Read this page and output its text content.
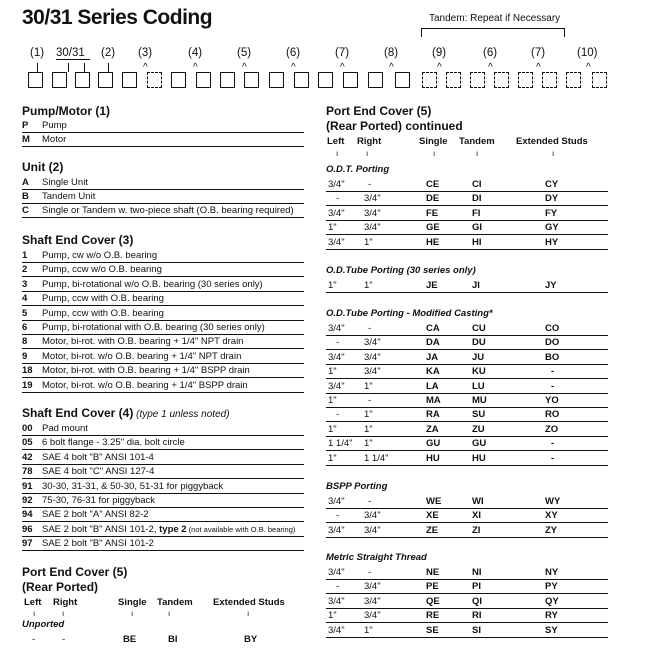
30/31 Series Coding	Tandem: Repeat if Necessary
(1) 30/31 (2) (3)	(4)	(5)	(6)	(7)	(8)	(9)	(6)	(7)	(10)
^	^	^	^	^	^	^	^	^	^
Pump/Motor (1)
P Pump
M Motor
Unit (2)
A Single Unit
B Tandem Unit
C Single or Tandem w. two-piece shaft (O.B. bearing required)
Shaft End Cover (3)
1 Pump, cw w/o O.B. bearing
2 Pump, ccw w/o O.B. bearing
3 Pump, bi-rotational w/o O.B. bearing (30 series only)
4 Pump, ccw with O.B. bearing
5 Pump, ccw with O.B. bearing
6 Pump, bi-rotational with O.B. bearing (30 series only)
8 Motor, bi-rot. with O.B. bearing + 1/4" NPT drain
9 Motor, bi-rot. w/o O.B. bearing + 1/4" NPT drain
18 Motor, bi-rot. with O.B. bearing + 1/4" BSPP drain
19 Motor, bi-rot. w/o O.B. bearing + 1/4" BSPP drain
Shaft End Cover (4) (type 1 unless noted)
00 Pad mount
05 6 bolt flange - 3.25" dia. bolt circle
42 SAE 4 bolt "B" ANSI 101-4
78 SAE 4 bolt "C" ANSI 127-4
91 30-30, 31-31, & 50-30, 51-31 for piggyback
92 75-30, 76-31 for piggyback
94 SAE 2 bolt "A" ANSI 82-2
96 SAE 2 bolt "B" ANSI 101-2, type 2 (not available with O.B. bearing)
97 SAE 2 bolt "B" ANSI 101-2
Port End Cover (5)
(Rear Ported)
Left Right	Single Tandem Extended Studs
ı	ı	ı	ı	ı
Unported
-	-	BE	BI	BY
Port End Cover (5)
(Rear Ported) continued
Left Right	Single Tandem Extended Studs
ı	ı	ı	ı	ı
O.D.T. Porting
3/4" -	CE	CI	CY
-	3/4"	DE	DI	DY
3/4" 3/4"	FE	FI	FY
1"	3/4"	GE	GI	GY
3/4" 1"	HE	HI	HY
O.D.Tube Porting (30 series only)
1"	1"	JE	JI	JY
O.D.Tube Porting - Modified Casting*
3/4" -	CA	CU	CO
-	3/4"	DA	DU	DO
3/4" 3/4"	JA	JU	BO
1"	3/4"	KA	KU	-
3/4" 1"	LA	LU	-
1"	-	MA	MU	YO
-	1"	RA	SU	RO
1"	1"	ZA	ZU	ZO
1 1/4" 1"	GU	GU	-
1"	1 1/4"	HU	HU	-
BSPP Porting
3/4" -	WE	WI	WY
-	3/4"	XE	XI	XY
3/4" 3/4"	ZE	ZI	ZY
Metric Straight Thread
3/4" -	NE	NI	NY
-	3/4"	PE	PI	PY
3/4" 3/4"	QE	QI	QY
1"	3/4"	RE	RI	RY
3/4" 1"	SE	SI	SY
